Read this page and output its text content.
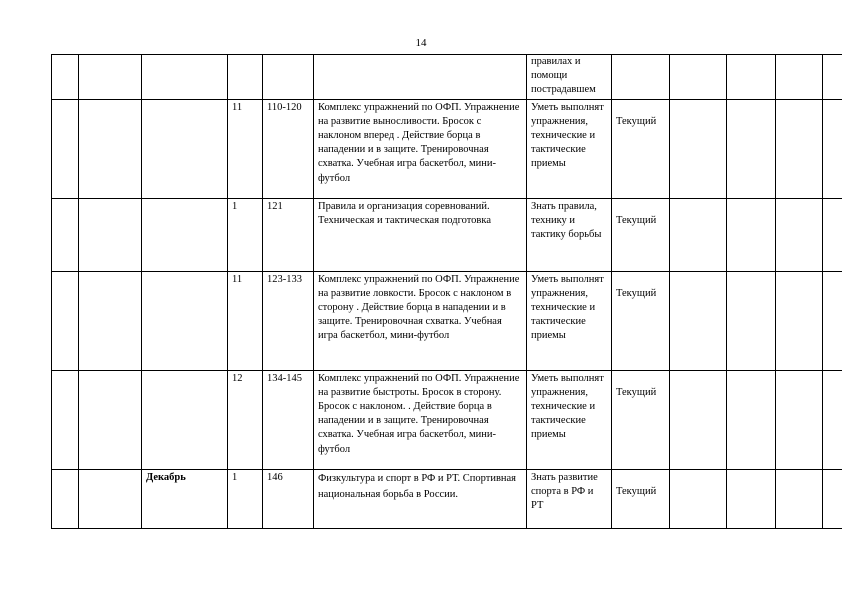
14
						правилах и помощи пострадавшем					
			11	110-120	Комплекс упражнений по ОФП. Упражнение на развитие выносливости. Бросок с наклоном вперед . Действие борца в нападении и в защите. Тренировочная схватка. Учебная игра баскетбол, мини-футбол	Уметь выполнят упражнения, технические и тактические приемы	Текущий				
			1	121	Правила и организация соревнований. Техническая и тактическая подготовка	Знать правила, технику и тактику борьбы	Текущий				
			11	123-133	Комплекс упражнений по ОФП. Упражнение на развитие ловкости. Бросок с наклоном в сторону . Действие борца в нападении и в защите. Тренировочная схватка. Учебная игра баскетбол, мини-футбол	Уметь выполнят упражнения, технические и тактические приемы	Текущий				
			12	134-145	Комплекс упражнений по ОФП. Упражнение на развитие быстроты. Бросок в сторону. Бросок с наклоном. . Действие борца в нападении и в защите. Тренировочная схватка. Учебная игра баскетбол, мини-футбол	Уметь выполнят упражнения, технические и тактические приемы	Текущий				
		Декабрь	1	146	Физкультура и спорт в РФ и РТ. Спортивная национальная борьба в России.	Знать развитие спорта в РФ и РТ	Текущий				
